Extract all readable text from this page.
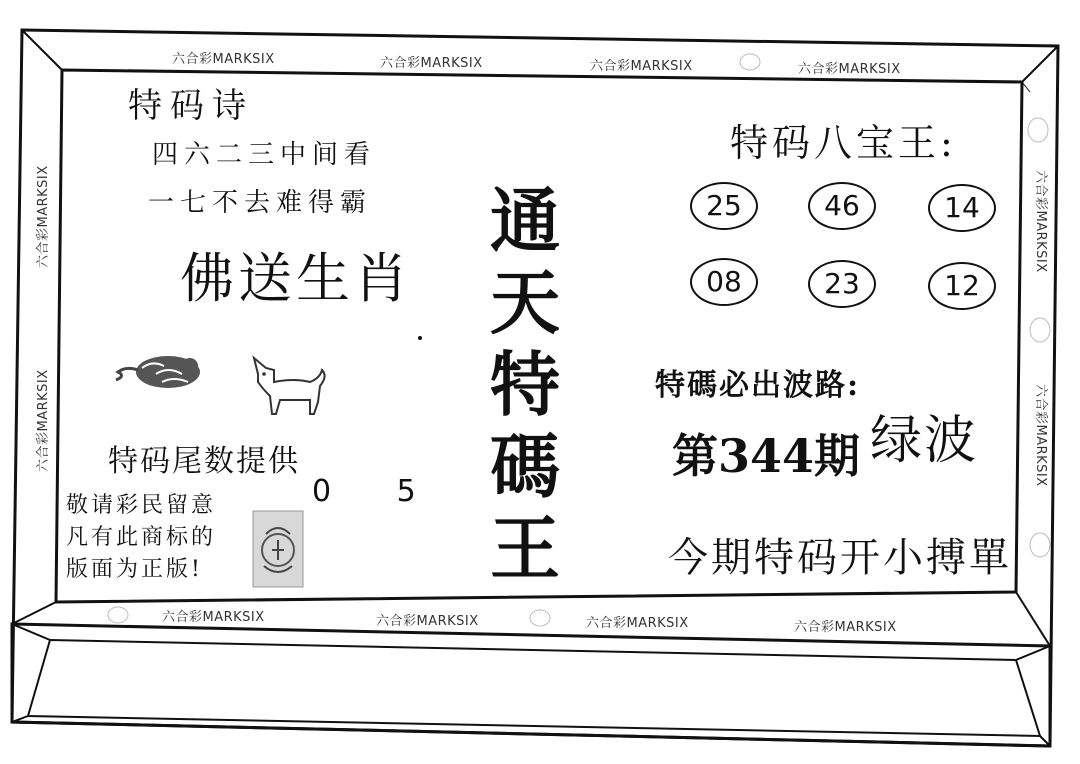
六合彩MARKSIX	六合彩MARKSIX	六合彩MARKSIX	六合彩MARKSIX
六合彩MARKSIX	六合彩MARKSIX	六合彩MARKSIX	六合彩MARKSIX
六合彩MARKSIX
六合彩MARKSIX
六合彩MARKSIX
六合彩MARKSIX
特码诗
四六二三中间看
一七不去难得霸
佛送生肖
通
天
特
碼
王
特码八宝王:
25	46	14
08	23	12
特碼必出波路:
绿波
第344期
特码尾数提供
0 5
敬请彩民留意
凡有此商标的
版面为正版!	今期特码开小搏單
